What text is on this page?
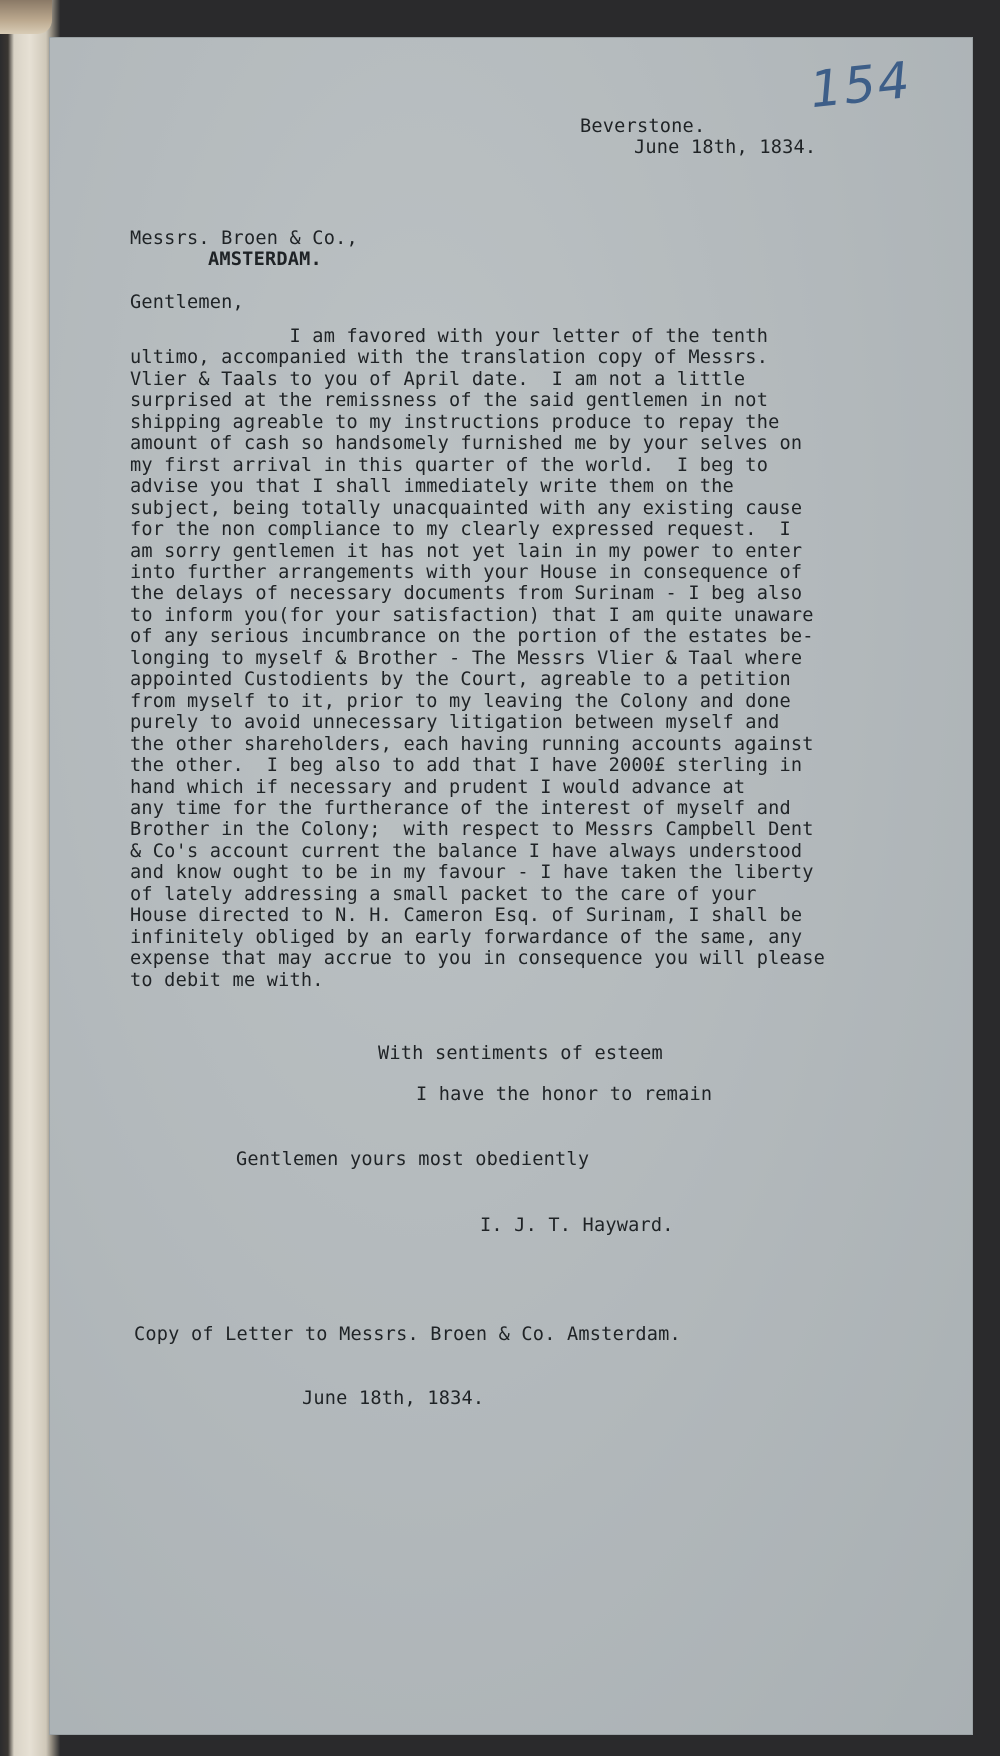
154
Beverstone.
June 18th, 1834.
Messrs. Broen & Co.,
AMSTERDAM.
Gentlemen,
I am favored with your letter of the tenth
ultimo, accompanied with the translation copy of Messrs.
Vlier & Taals to you of April date.  I am not a little
surprised at the remissness of the said gentlemen in not
shipping agreable to my instructions produce to repay the
amount of cash so handsomely furnished me by your selves on
my first arrival in this quarter of the world.  I beg to
advise you that I shall immediately write them on the
subject, being totally unacquainted with any existing cause
for the non compliance to my clearly expressed request.  I
am sorry gentlemen it has not yet lain in my power to enter
into further arrangements with your House in consequence of
the delays of necessary documents from Surinam - I beg also
to inform you(for your satisfaction) that I am quite unaware
of any serious incumbrance on the portion of the estates be-
longing to myself & Brother - The Messrs Vlier & Taal where
appointed Custodients by the Court, agreable to a petition
from myself to it, prior to my leaving the Colony and done
purely to avoid unnecessary litigation between myself and
the other shareholders, each having running accounts against
the other.  I beg also to add that I have 2000£ sterling in
hand which if necessary and prudent I would advance at
any time for the furtherance of the interest of myself and
Brother in the Colony;  with respect to Messrs Campbell Dent
& Co's account current the balance I have always understood
and know ought to be in my favour - I have taken the liberty
of lately addressing a small packet to the care of your
House directed to N. H. Cameron Esq. of Surinam, I shall be
infinitely obliged by an early forwardance of the same, any
expense that may accrue to you in consequence you will please
to debit me with.
With sentiments of esteem
I have the honor to remain
Gentlemen yours most obediently
I. J. T. Hayward.
Copy of Letter to Messrs. Broen & Co. Amsterdam.
June 18th, 1834.
